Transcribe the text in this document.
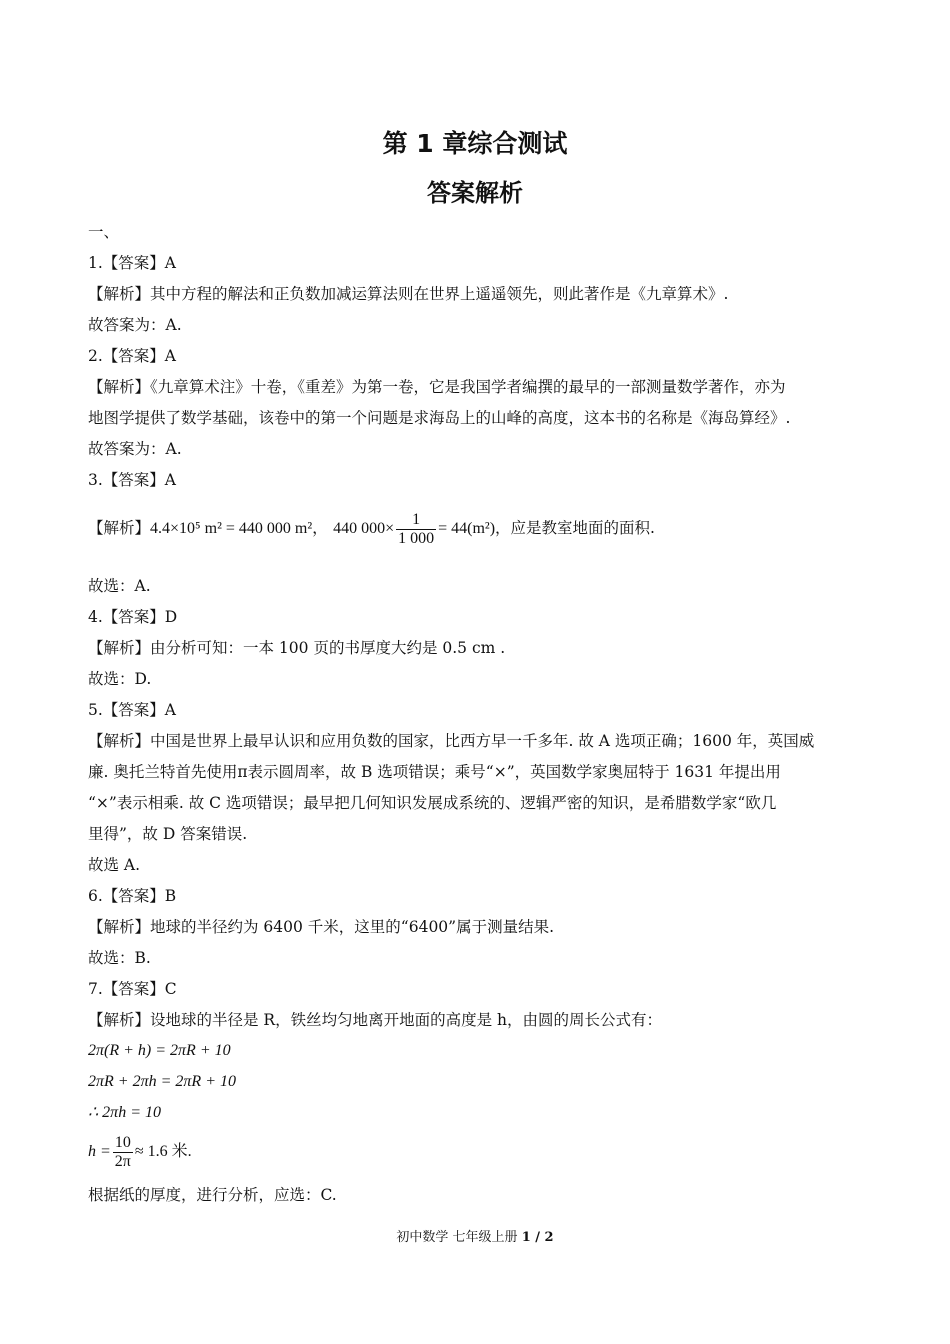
第 1 章综合测试
答案解析
一、
1.【答案】A
【解析】其中方程的解法和正负数加减运算法则在世界上遥遥领先，则此著作是《九章算术》.
故答案为：A.
2.【答案】A
【解析】《九章算术注》十卷，《重差》为第一卷，它是我国学者编撰的最早的一部测量数学著作，亦为
地图学提供了数学基础，该卷中的第一个问题是求海岛上的山峰的高度，这本书的名称是《海岛算经》.
故答案为：A.
3.【答案】A
【解析】4.4×10⁵ m² = 440 000 m²， 440 $000\times \frac{1}{1 000} = 44(m^2)$，应是教室地面的面积.
故选：A.
4.【答案】D
【解析】由分析可知：一本 100 页的书厚度大约是 0.5 cm .
故选：D.
5.【答案】A
【解析】中国是世界上最早认识和应用负数的国家，比西方早一千多年. 故 A 选项正确；1600 年，英国威
廉. 奥托兰特首先使用π表示圆周率，故 B 选项错误；乘号“×”，英国数学家奥屈特于 1631 年提出用
“×”表示相乘. 故 C 选项错误；最早把几何知识发展成系统的、逻辑严密的知识，是希腊数学家“欧几
里得”，故 D 答案错误.
故选 A.
6.【答案】B
【解析】地球的半径约为 6400 千米，这里的“6400”属于测量结果.
故选：B.
7.【答案】C
【解析】设地球的半径是 R，铁丝均匀地离开地面的高度是 h，由圆的周长公式有：
2π(R + h) = 2πR + 10
2πR + 2πh = 2πR + 10
∴ 2πh = 10
$h = \frac{10}{2\pi} \approx 1.6$ 米.
根据纸的厚度，进行分析，应选：C.
初中数学 七年级上册 1 / 2
